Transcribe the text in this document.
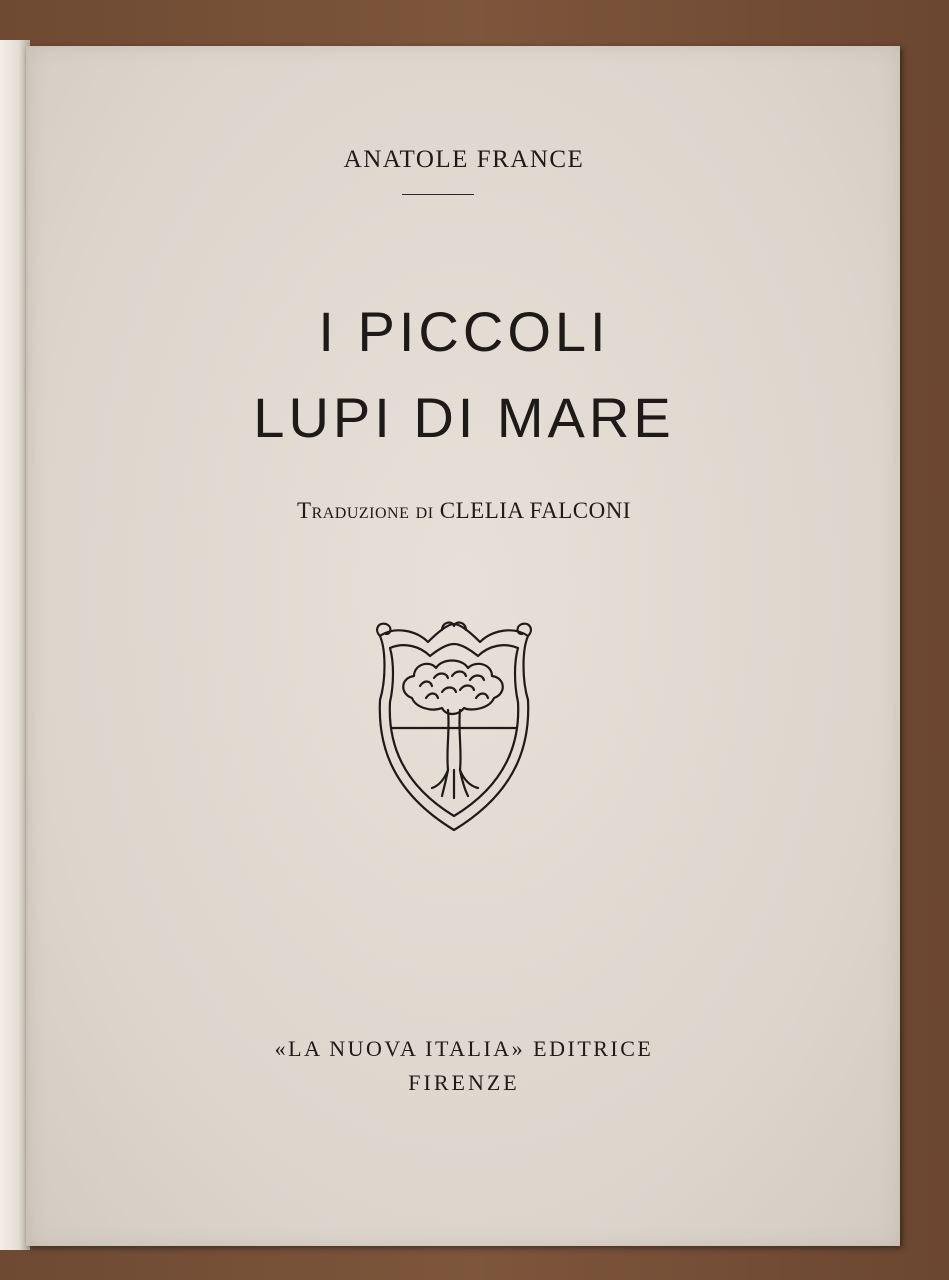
ANATOLE FRANCE
I PICCOLI
LUPI DI MARE
Traduzione di CLELIA FALCONI
«LA NUOVA ITALIA» EDITRICE
FIRENZE
